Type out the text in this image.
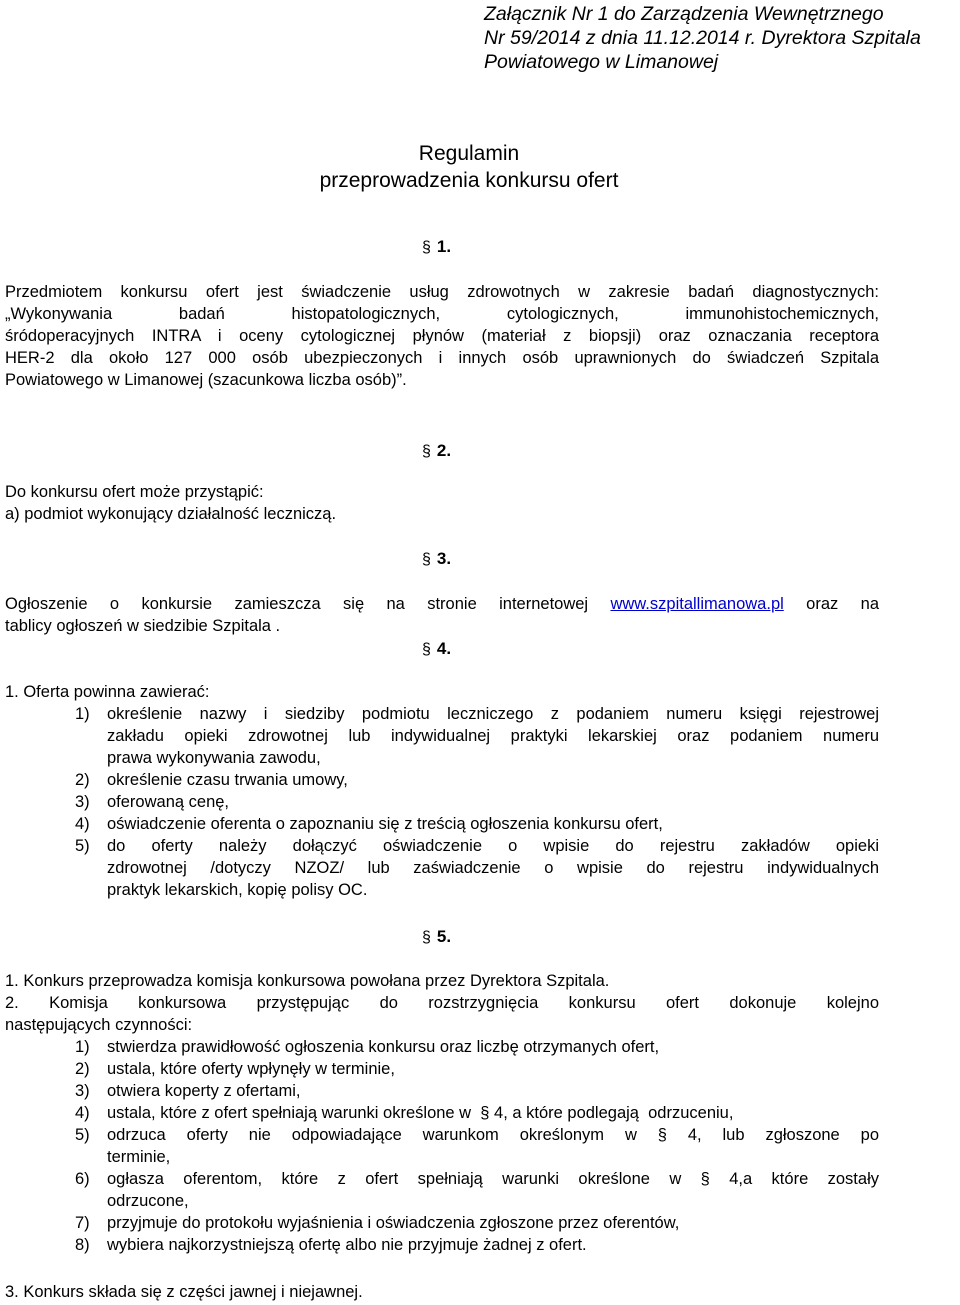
Załącznik Nr 1 do Zarządzenia Wewnętrznego
Nr 59/2014 z dnia 11.12.2014 r. Dyrektora Szpitala
Powiatowego w Limanowej
Regulamin
przeprowadzenia konkursu ofert
§ 1.
Przedmiotem konkursu ofert jest świadczenie usług zdrowotnych w zakresie badań diagnostycznych:
„Wykonywania badań histopatologicznych, cytologicznych, immunohistochemicznych,
śródoperacyjnych INTRA i oceny cytologicznej płynów (materiał z biopsji) oraz oznaczania receptora
HER-2 dla około 127 000 osób ubezpieczonych i innych osób uprawnionych do świadczeń Szpitala
Powiatowego w Limanowej (szacunkowa liczba osób)”.
§ 2.
Do konkursu ofert może przystąpić:
a) podmiot wykonujący działalność leczniczą.
§ 3.
Ogłoszenie o konkursie zamieszcza się na stronie internetowej www.szpitallimanowa.pl oraz na
tablicy ogłoszeń w siedzibie Szpitala .
§ 4.
1. Oferta powinna zawierać:
1) określenie nazwy i siedziby podmiotu leczniczego z podaniem numeru księgi rejestrowej
zakładu opieki zdrowotnej lub indywidualnej praktyki lekarskiej oraz podaniem numeru
prawa wykonywania zawodu,
2) określenie czasu trwania umowy,
3) oferowaną cenę,
4) oświadczenie oferenta o zapoznaniu się z treścią ogłoszenia konkursu ofert,
5) do oferty należy dołączyć oświadczenie o wpisie do rejestru zakładów opieki
zdrowotnej /dotyczy NZOZ/ lub zaświadczenie o wpisie do rejestru indywidualnych
praktyk lekarskich, kopię polisy OC.
§ 5.
1. Konkurs przeprowadza komisja konkursowa powołana przez Dyrektora Szpitala.
2. Komisja konkursowa przystępując do rozstrzygnięcia konkursu ofert dokonuje kolejno
następujących czynności:
1) stwierdza prawidłowość ogłoszenia konkursu oraz liczbę otrzymanych ofert,
2) ustala, które oferty wpłynęły w terminie,
3) otwiera koperty z ofertami,
4) ustala, które z ofert spełniają warunki określone w  § 4, a które podlegają  odrzuceniu,
5) odrzuca oferty nie odpowiadające warunkom określonym w § 4, lub zgłoszone po
terminie,
6) ogłasza oferentom, które z ofert spełniają warunki określone w § 4,a które zostały
odrzucone,
7) przyjmuje do protokołu wyjaśnienia i oświadczenia zgłoszone przez oferentów,
8) wybiera najkorzystniejszą ofertę albo nie przyjmuje żadnej z ofert.
3. Konkurs składa się z części jawnej i niejawnej.
